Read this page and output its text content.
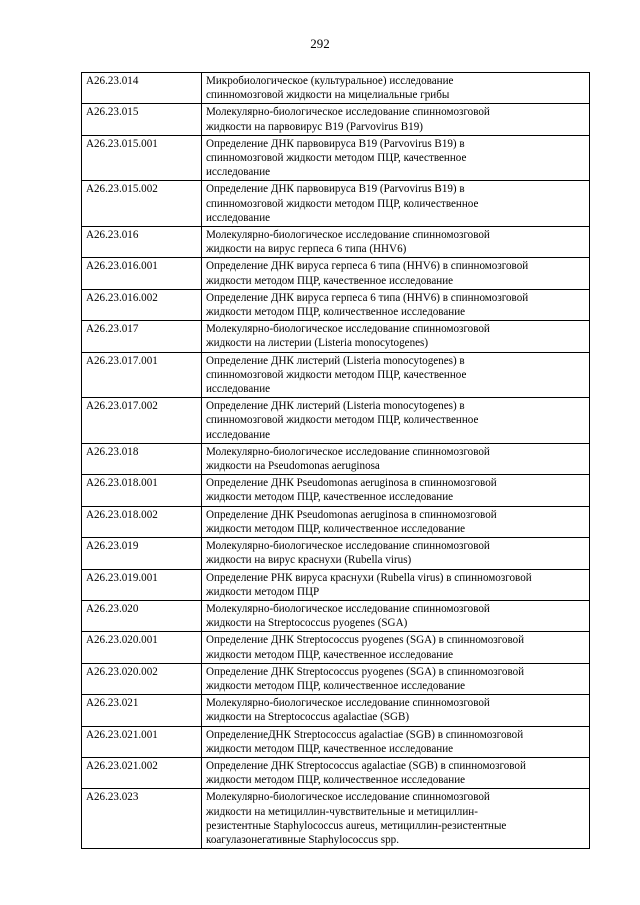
292
A26.23.014	Микробиологическое (культуральное) исследование
спинномозговой жидкости на мицелиальные грибы

A26.23.015	Молекулярно-биологическое исследование спинномозговой
жидкости на парвовирус B19 (Parvovirus B19)

A26.23.015.001	Определение ДНК парвовируса B19 (Parvovirus B19) в
спинномозговой жидкости методом ПЦР, качественное
исследование

A26.23.015.002	Определение ДНК парвовируса B19 (Parvovirus B19) в
спинномозговой жидкости методом ПЦР, количественное
исследование

A26.23.016	Молекулярно-биологическое исследование спинномозговой
жидкости на вирус герпеса 6 типа (HHV6)

A26.23.016.001	Определение ДНК вируса герпеса 6 типа (HHV6) в спинномозговой
жидкости методом ПЦР, качественное исследование

A26.23.016.002	Определение ДНК вируса герпеса 6 типа (HHV6) в спинномозговой
жидкости методом ПЦР, количественное исследование

A26.23.017	Молекулярно-биологическое исследование спинномозговой
жидкости на листерии (Listeria monocytogenes)

A26.23.017.001	Определение ДНК листерий (Listeria monocytogenes) в
спинномозговой жидкости методом ПЦР, качественное
исследование

A26.23.017.002	Определение ДНК листерий (Listeria monocytogenes) в
спинномозговой жидкости методом ПЦР, количественное
исследование

A26.23.018	Молекулярно-биологическое исследование спинномозговой
жидкости на Pseudomonas aeruginosa

A26.23.018.001	Определение ДНК Pseudomonas aeruginosa в спинномозговой
жидкости методом ПЦР, качественное исследование

A26.23.018.002	Определение ДНК Pseudomonas aeruginosa в спинномозговой
жидкости методом ПЦР, количественное исследование

A26.23.019	Молекулярно-биологическое исследование спинномозговой
жидкости на вирус краснухи (Rubella virus)

A26.23.019.001	Определение РНК вируса краснухи (Rubella virus) в спинномозговой
жидкости методом ПЦР

A26.23.020	Молекулярно-биологическое исследование спинномозговой
жидкости на Streptococcus pyogenes (SGA)

A26.23.020.001	Определение ДНК Streptococcus pyogenes (SGA) в спинномозговой
жидкости методом ПЦР, качественное исследование

A26.23.020.002	Определение ДНК Streptococcus pyogenes (SGA) в спинномозговой
жидкости методом ПЦР, количественное исследование

A26.23.021	Молекулярно-биологическое исследование спинномозговой
жидкости на Streptococcus agalactiae (SGB)

A26.23.021.001	ОпределениеДНК Streptococcus agalactiae (SGB) в спинномозговой
жидкости методом ПЦР, качественное исследование

A26.23.021.002	Определение ДНК Streptococcus agalactiae (SGB) в спинномозговой
жидкости методом ПЦР, количественное исследование

A26.23.023	Молекулярно-биологическое исследование спинномозговой
жидкости на метициллин-чувствительные и метициллин-
резистентные Staphylococcus aureus, метициллин-резистентные
коагулазонегативные Staphylococcus spp.
